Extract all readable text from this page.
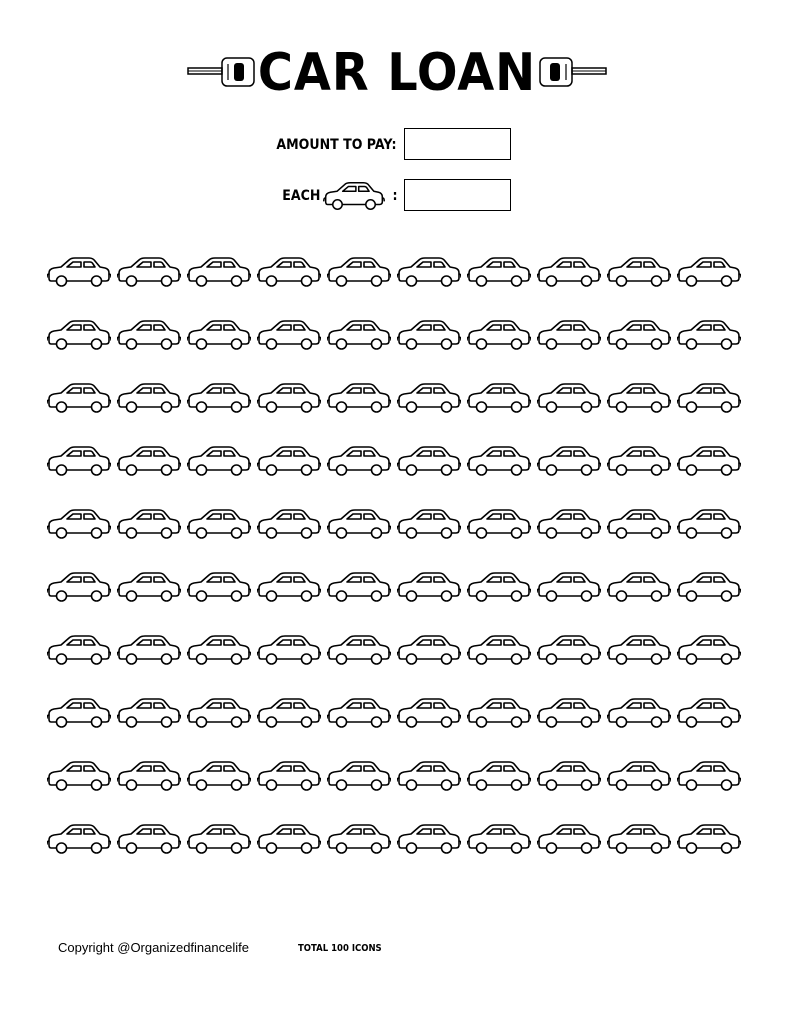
CAR LOAN
AMOUNT TO PAY:
EACH	:
Copyright @Organizedfinancelife	TOTAL 100 ICONS
